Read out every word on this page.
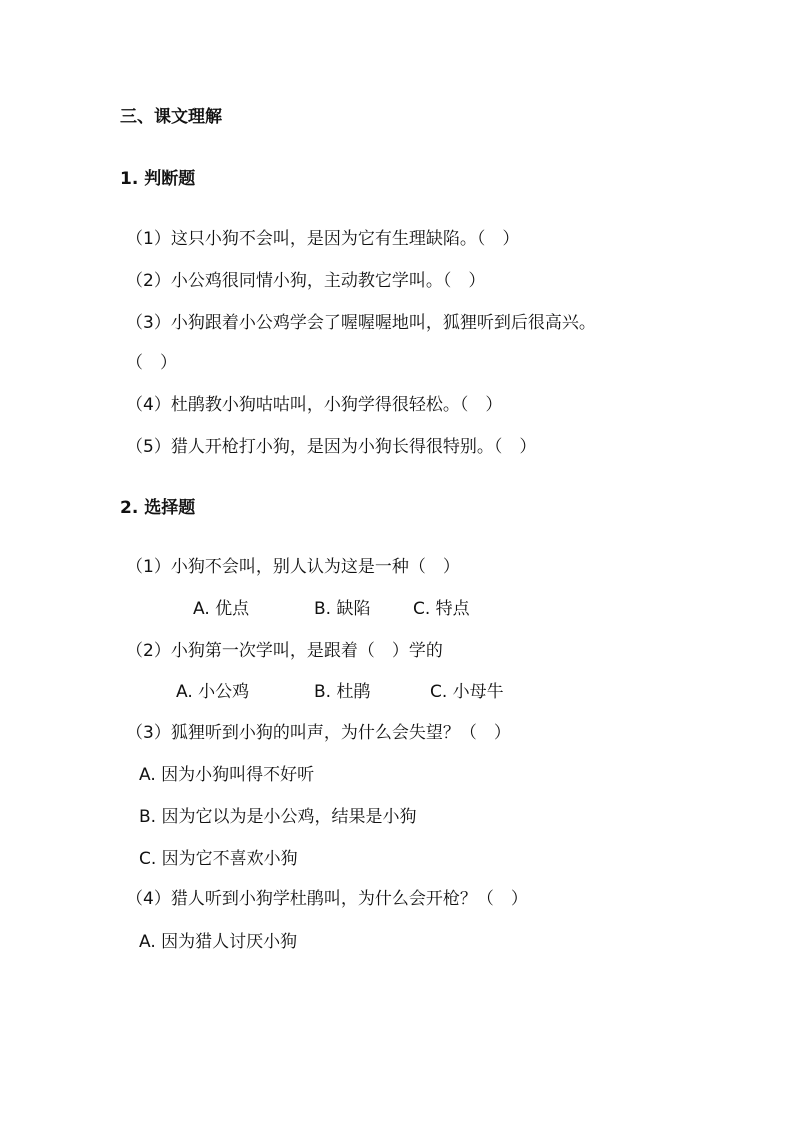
三、课文理解
1. 判断题
（1）这只小狗不会叫，是因为它有生理缺陷。（　）
（2）小公鸡很同情小狗，主动教它学叫。（　）
（3）小狗跟着小公鸡学会了喔喔喔地叫，狐狸听到后很高兴。
（　）
（4）杜鹃教小狗咕咕叫，小狗学得很轻松。（　）
（5）猎人开枪打小狗，是因为小狗长得很特别。（　）
2. 选择题
（1）小狗不会叫，别人认为这是一种（　）
A. 优点	B. 缺陷	C. 特点
（2）小狗第一次学叫，是跟着（　）学的
A. 小公鸡	B. 杜鹃	C. 小母牛
（3）狐狸听到小狗的叫声，为什么会失望？（　）
A. 因为小狗叫得不好听
B. 因为它以为是小公鸡，结果是小狗
C. 因为它不喜欢小狗
（4）猎人听到小狗学杜鹃叫，为什么会开枪？（　）
A. 因为猎人讨厌小狗
